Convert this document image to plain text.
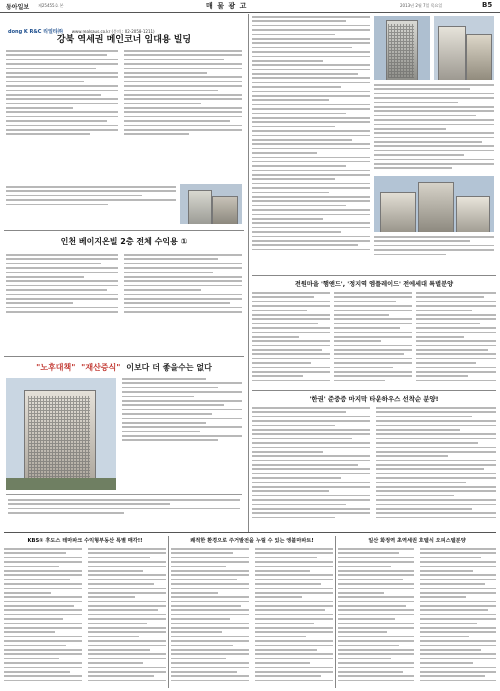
동아일보 제25455호 본	매 물 광 고	2013년 2월 7일 목요일	B5
dong K R&C 리얼티㈜ www.realsaus.co.kr (문의 : 02-2058-1211)
강북 역세권 메인코너 임대용 빌딩
인천 베이지온빌 2층 전체 수익용 ①
"노후대책" "재산증식" 이보다 더 좋을수는 없다
전원마을 '햄앤드', '정지역 엠플레이드' 전에세대 특별분양
'한권' 준중증 마지막 타운하우스 선착순 분양!
KBS① 후도스 테마파크 수익형부동산 특별 매각!!	쾌적한 환경으로 주거발전을 누릴 수 있는 엥블마파트!	일산 화정역 초역세권 호텔식 오피스텔분양
